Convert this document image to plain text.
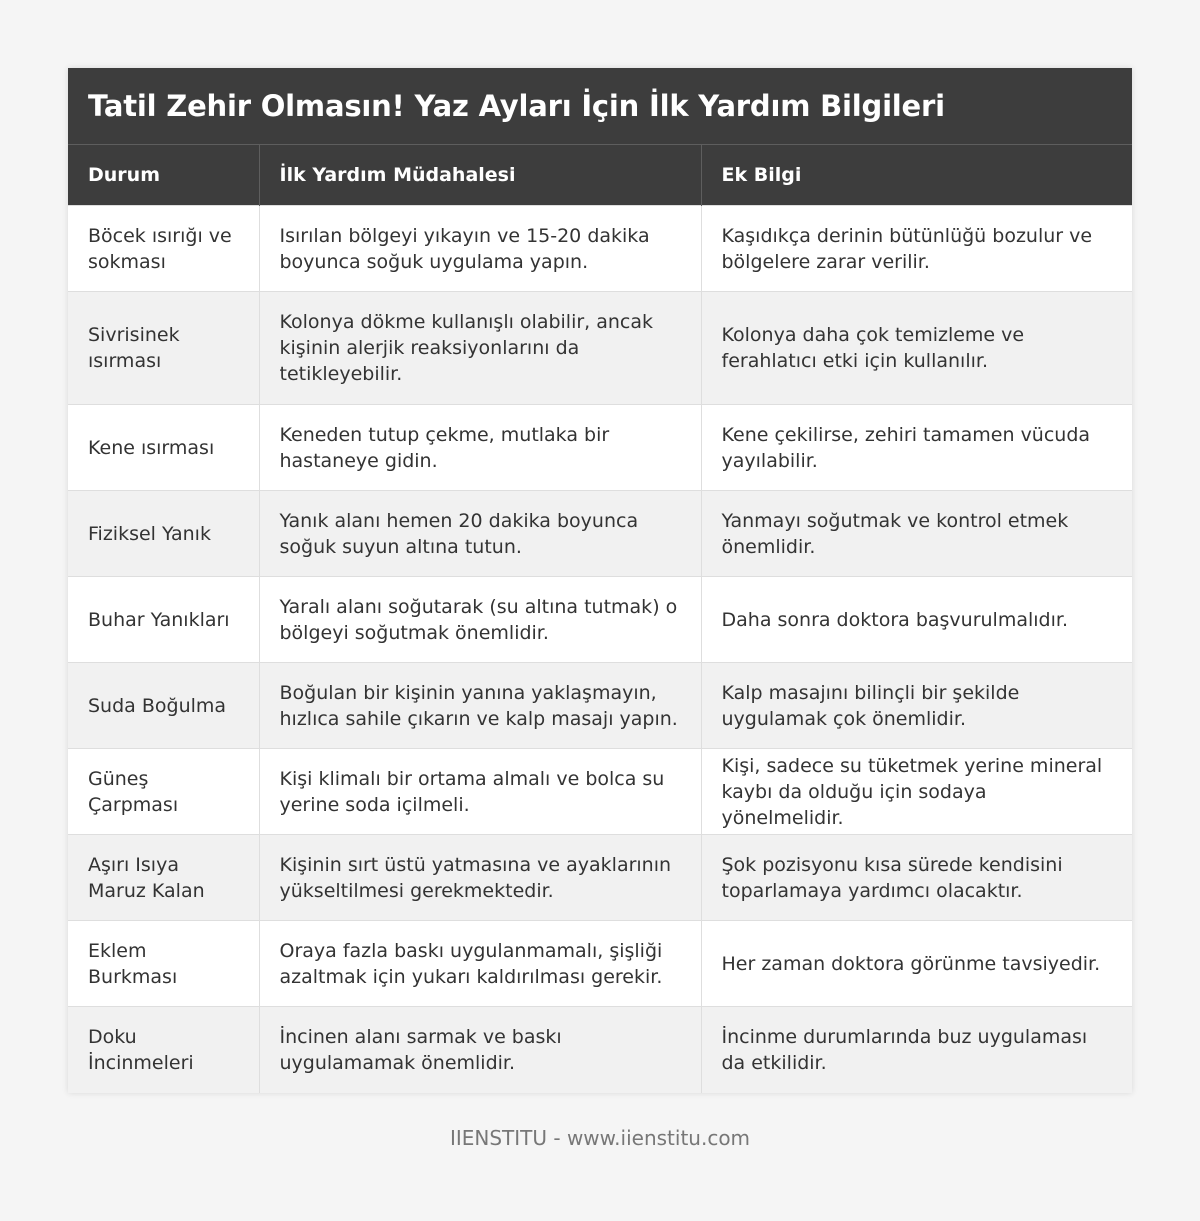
Tatil Zehir Olmasın! Yaz Ayları İçin İlk Yardım Bilgileri
Durum	İlk Yardım Müdahalesi	Ek Bilgi
Böcek ısırığı ve sokması	Isırılan bölgeyi yıkayın ve 15-20 dakika boyunca soğuk uygulama yapın.	Kaşıdıkça derinin bütünlüğü bozulur ve bölgelere zarar verilir.
Sivrisinek ısırması	Kolonya dökme kullanışlı olabilir, ancak kişinin alerjik reaksiyonlarını da tetikleyebilir.	Kolonya daha çok temizleme ve ferahlatıcı etki için kullanılır.
Kene ısırması	Keneden tutup çekme, mutlaka bir hastaneye gidin.	Kene çekilirse, zehiri tamamen vücuda yayılabilir.
Fiziksel Yanık	Yanık alanı hemen 20 dakika boyunca soğuk suyun altına tutun.	Yanmayı soğutmak ve kontrol etmek önemlidir.
Buhar Yanıkları	Yaralı alanı soğutarak (su altına tutmak) o bölgeyi soğutmak önemlidir.	Daha sonra doktora başvurulmalıdır.
Suda Boğulma	Boğulan bir kişinin yanına yaklaşmayın, hızlıca sahile çıkarın ve kalp masajı yapın.	Kalp masajını bilinçli bir şekilde uygulamak çok önemlidir.
Güneş Çarpması	Kişi klimalı bir ortama almalı ve bolca su yerine soda içilmeli.	Kişi, sadece su tüketmek yerine mineral kaybı da olduğu için sodaya yönelmelidir.
Aşırı Isıya Maruz Kalan	Kişinin sırt üstü yatmasına ve ayaklarının yükseltilmesi gerekmektedir.	Şok pozisyonu kısa sürede kendisini toparlamaya yardımcı olacaktır.
Eklem Burkması	Oraya fazla baskı uygulanmamalı, şişliği azaltmak için yukarı kaldırılması gerekir.	Her zaman doktora görünme tavsiyedir.
Doku İncinmeleri	İncinen alanı sarmak ve baskı uygulamamak önemlidir.	İncinme durumlarında buz uygulaması da etkilidir.
IIENSTITU - www.iienstitu.com
